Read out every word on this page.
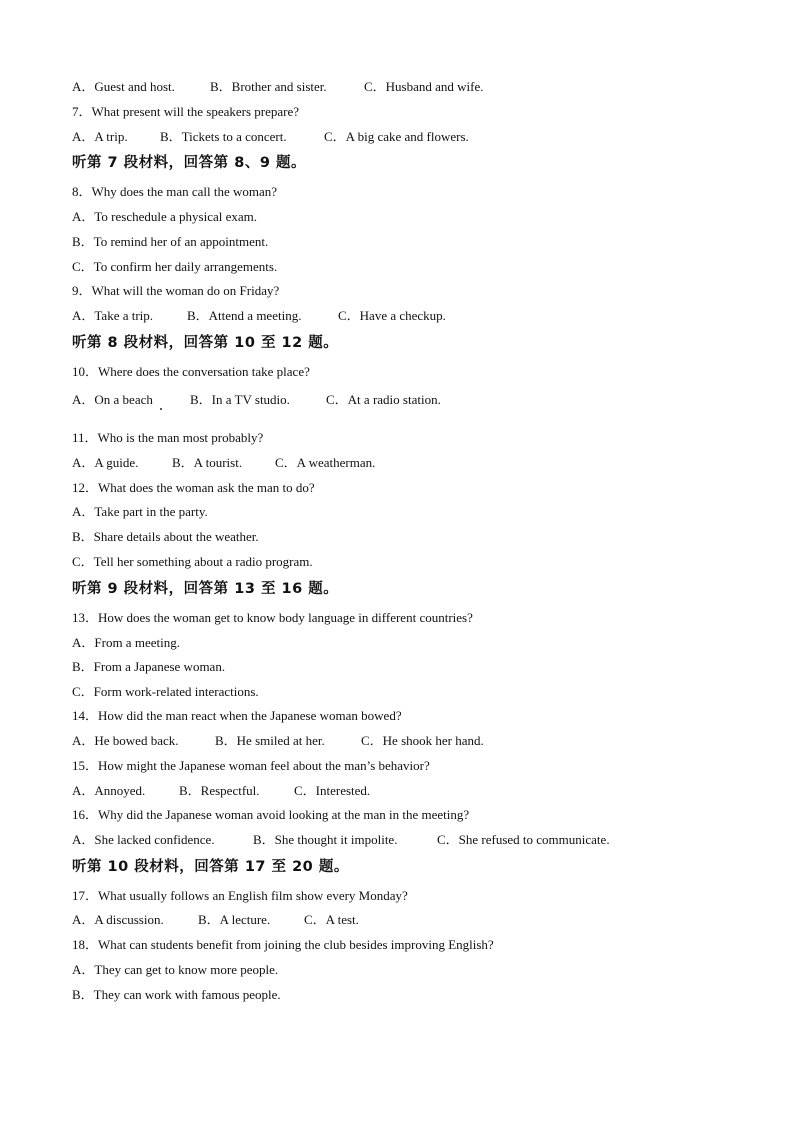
A．Guest and host.	B．Brother and sister.	C．Husband and wife.
7．What present will the speakers prepare?
A．A trip. B．Tickets to a concert.	C．A big cake and flowers.
听第 7 段材料，回答第 8、9 题。
8．Why does the man call the woman?
A．To reschedule a physical exam.
B．To remind her of an appointment.
C．To confirm her daily arrangements.
9．What will the woman do on Friday?
A．Take a trip.	B．Attend a meeting.	C．Have a checkup.
听第 8 段材料，回答第 10 至 12 题。
10．Where does the conversation take place?
A．On a beach	B．In a TV studio.	C．At a radio station.
11．Who is the man most probably?
A．A guide.	B．A tourist.	C．A weatherman.
12．What does the woman ask the man to do?
A．Take part in the party.
B．Share details about the weather.
C．Tell her something about a radio program.
听第 9 段材料，回答第 13 至 16 题。
13．How does the woman get to know body language in different countries?
A．From a meeting.
B．From a Japanese woman.
C．Form work-related interactions.
14．How did the man react when the Japanese woman bowed?
A．He bowed back.	B．He smiled at her.	C．He shook her hand.
15．How might the Japanese woman feel about the man’s behavior?
A．Annoyed.	B．Respectful.	C．Interested.
16．Why did the Japanese woman avoid looking at the man in the meeting?
A．She lacked confidence.	B．She thought it impolite.	C．She refused to communicate.
听第 10 段材料，回答第 17 至 20 题。
17．What usually follows an English film show every Monday?
A．A discussion.	B．A lecture.	C．A test.
18．What can students benefit from joining the club besides improving English?
A．They can get to know more people.
B．They can work with famous people.
